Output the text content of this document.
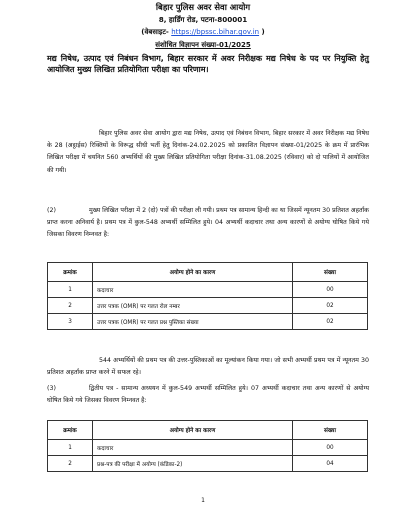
बिहार पुलिस अवर सेवा आयोग
8, हार्डिंग रोड, पटना-800001
(वेबसाइट- https://bpssc.bihar.gov.in )
संशोधित विज्ञापन संख्या-01/2025
मद्य निषेध, उत्पाद एवं निबंधन विभाग, बिहार सरकार में अवर निरीक्षक मद्य निषेध के पद पर नियुक्ति हेतु आयोजित मुख्य लिखित प्रतियोगिता परीक्षा का परिणाम।
बिहार पुलिस अवर सेवा आयोग द्वारा मद्य निषेध, उत्पाद एवं निबंधन विभाग, बिहार सरकार में अवर निरीक्षक मद्य निषेध के 28 (अट्ठाईस) रिक्तियों के विरूद्ध सीधी भर्ती हेतु दिनांक-24.02.2025 को प्रकाशित विज्ञापन संख्या-01/2025 के क्रम में प्रारंभिक लिखित परीक्षा में चयनित 560 अभ्यर्थियों की मुख्य लिखित प्रतियोगिता परीक्षा दिनांक-31.08.2025 (रविवार) को दो पालियों में आयोजित की गयी।
(2)	मुख्य लिखित परीक्षा में 2 (दो) पत्रों की परीक्षा ली गयी। प्रथम पत्र सामान्य हिन्दी का था जिसमें न्यूनतम 30 प्रतिशत अहर्तांक प्राप्त करना अनिवार्य है। प्रथम पत्र में कुल-548 अभ्यर्थी सम्मिलित हुये। 04 अभ्यर्थी कदाचार तथा अन्य कारणों से अयोग्य घोषित किये गये जिसका विवरण निम्नवत है:
क्रमांक	अयोग्य होने का कारण	संख्या
1	कदाचार	00
2	उत्तर पत्रक (OMR) पर गलत रोल नम्बर	02
3	उत्तर पत्रक (OMR) पर गलत प्रश्न पुस्तिका संख्या	02
544 अभ्यर्थियों की प्रथम पत्र की उत्तर-पुस्तिकाओं का मूल्यांकन किया गया। जो सभी अभ्यर्थी प्रथम पत्र में न्यूनतम 30 प्रतिशत अहर्तांक प्राप्त करने में सफल रहे।
(3)	द्वितीय पत्र - सामान्य अध्ययन में कुल-549 अभ्यर्थी सम्मिलित हुये। 07 अभ्यर्थी कदाचार तथा अन्य कारणों से अयोग्य घोषित किये गये जिसका विवरण निम्नवत है:
क्रमांक	अयोग्य होने का कारण	संख्या
1	कदाचार	00
2	प्रश्न-पत्र की परीक्षा में अयोग्य (कंडिका-2)	04
1
